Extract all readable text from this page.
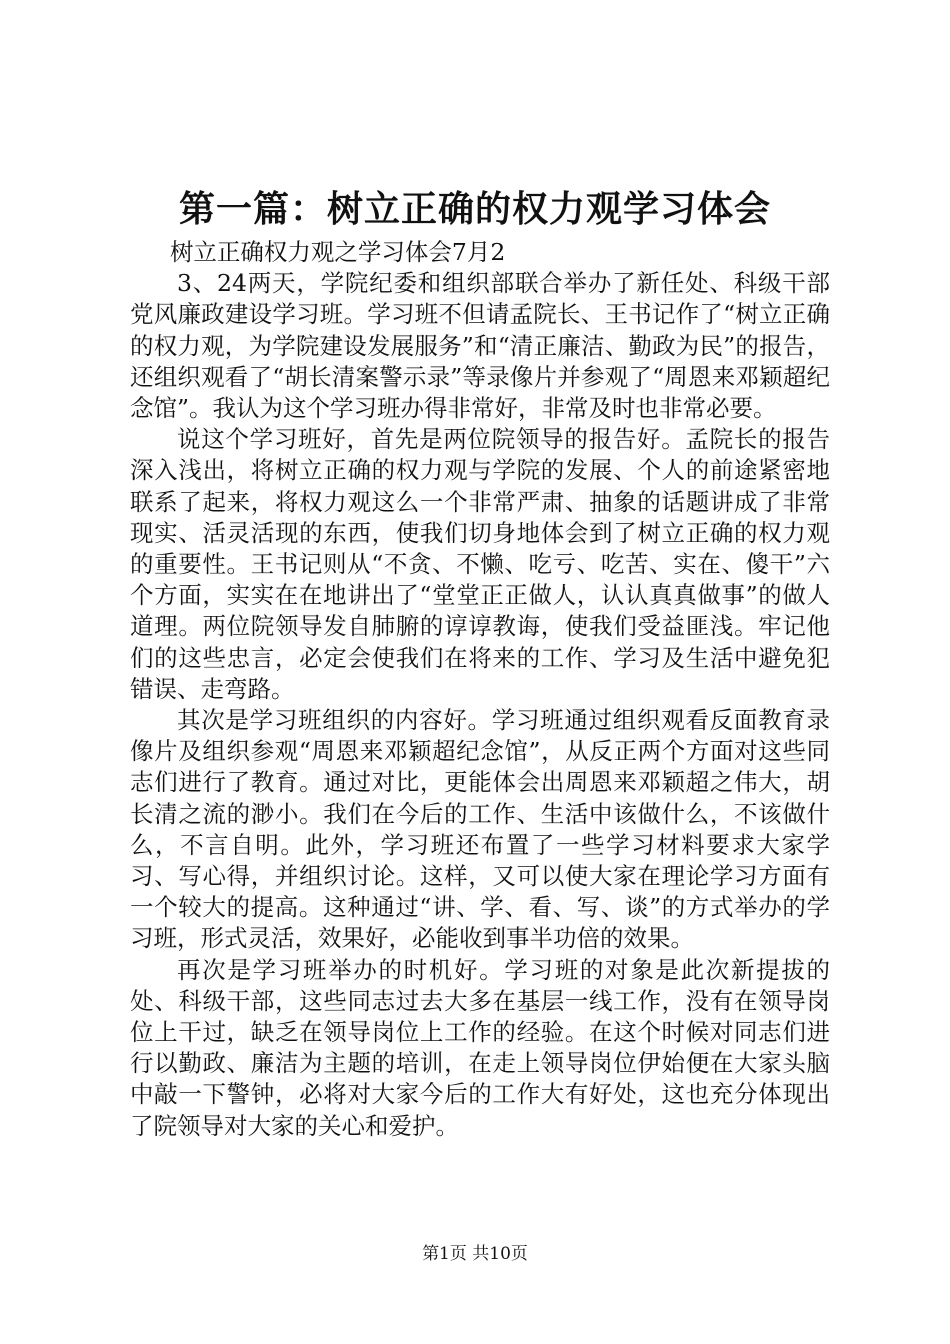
第一篇：树立正确的权力观学习体会

树立正确权力观之学习体会7月2

3、24两天，学院纪委和组织部联合举办了新任处、科级干部党风廉政建设学习班。学习班不但请孟院长、王书记作了“树立正确的权力观，为学院建设发展服务”和“清正廉洁、勤政为民”的报告，还组织观看了“胡长清案警示录”等录像片并参观了“周恩来邓颖超纪念馆”。我认为这个学习班办得非常好，非常及时也非常必要。

说这个学习班好，首先是两位院领导的报告好。孟院长的报告深入浅出，将树立正确的权力观与学院的发展、个人的前途紧密地联系了起来，将权力观这么一个非常严肃、抽象的话题讲成了非常现实、活灵活现的东西，使我们切身地体会到了树立正确的权力观的重要性。王书记则从“不贪、不懒、吃亏、吃苦、实在、傻干”六个方面，实实在在地讲出了“堂堂正正做人，认认真真做事”的做人道理。两位院领导发自肺腑的谆谆教诲，使我们受益匪浅。牢记他们的这些忠言，必定会使我们在将来的工作、学习及生活中避免犯错误、走弯路。

其次是学习班组织的内容好。学习班通过组织观看反面教育录像片及组织参观“周恩来邓颖超纪念馆”，从反正两个方面对这些同志们进行了教育。通过对比，更能体会出周恩来邓颖超之伟大，胡长清之流的渺小。我们在今后的工作、生活中该做什么，不该做什么，不言自明。此外，学习班还布置了一些学习材料要求大家学习、写心得，并组织讨论。这样，又可以使大家在理论学习方面有一个较大的提高。这种通过“讲、学、看、写、谈”的方式举办的学习班，形式灵活，效果好，必能收到事半功倍的效果。

再次是学习班举办的时机好。学习班的对象是此次新提拔的处、科级干部，这些同志过去大多在基层一线工作，没有在领导岗位上干过，缺乏在领导岗位上工作的经验。在这个时候对同志们进行以勤政、廉洁为主题的培训，在走上领导岗位伊始便在大家头脑中敲一下警钟，必将对大家今后的工作大有好处，这也充分体现出了院领导对大家的关心和爱护。

第1页 共10页
